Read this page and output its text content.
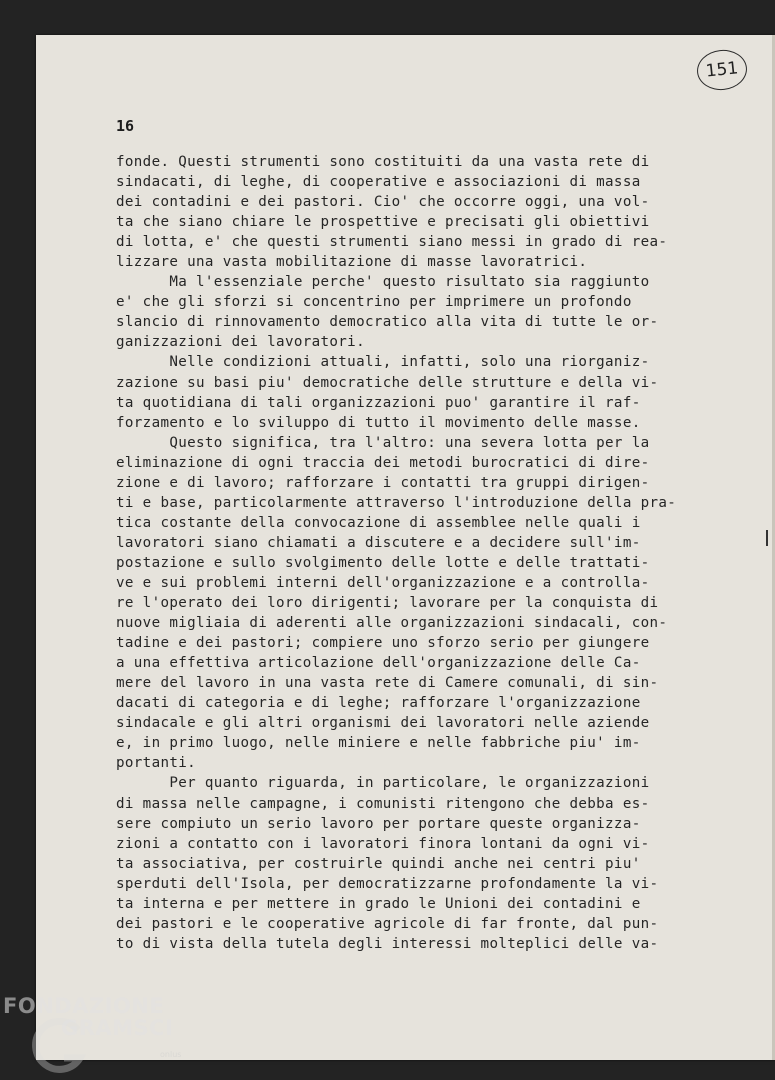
151
16
fonde. Questi strumenti sono costituiti da una vasta rete di
sindacati, di leghe, di cooperative e associazioni di massa
dei contadini e dei pastori. Cio' che occorre oggi, una vol-
ta che siano chiare le prospettive e precisati gli obiettivi
di lotta, e' che questi strumenti siano messi in grado di rea-
lizzare una vasta mobilitazione di masse lavoratrici.
Ma l'essenziale perche' questo risultato sia raggiunto
e' che gli sforzi si concentrino per imprimere un profondo
slancio di rinnovamento democratico alla vita di tutte le or-
ganizzazioni dei lavoratori.
Nelle condizioni attuali, infatti, solo una riorganiz-
zazione su basi piu' democratiche delle strutture e della vi-
ta quotidiana di tali organizzazioni puo' garantire il raf-
forzamento e lo sviluppo di tutto il movimento delle masse.
Questo significa, tra l'altro: una severa lotta per la
eliminazione di ogni traccia dei metodi burocratici di dire-
zione e di lavoro; rafforzare i contatti tra gruppi dirigen-
ti e base, particolarmente attraverso l'introduzione della pra-
tica costante della convocazione di assemblee nelle quali i
lavoratori siano chiamati a discutere e a decidere sull'im-
postazione e sullo svolgimento delle lotte e delle trattati-
ve e sui problemi interni dell'organizzazione e a controlla-
re l'operato dei loro dirigenti; lavorare per la conquista di
nuove migliaia di aderenti alle organizzazioni sindacali, con-
tadine e dei pastori; compiere uno sforzo serio per giungere
a una effettiva articolazione dell'organizzazione delle Ca-
mere del lavoro in una vasta rete di Camere comunali, di sin-
dacati di categoria e di leghe; rafforzare l'organizzazione
sindacale e gli altri organismi dei lavoratori nelle aziende
e, in primo luogo, nelle miniere e nelle fabbriche piu' im-
portanti.
Per quanto riguarda, in particolare, le organizzazioni
di massa nelle campagne, i comunisti ritengono che debba es-
sere compiuto un serio lavoro per portare queste organizza-
zioni a contatto con i lavoratori finora lontani da ogni vi-
ta associativa, per costruirle quindi anche nei centri piu'
sperduti dell'Isola, per democratizzarne profondamente la vi-
ta interna e per mettere in grado le Unioni dei contadini e
dei pastori e le cooperative agricole di far fronte, dal pun-
to di vista della tutela degli interessi molteplici delle va-
FONDAZIONE
GRAMSCI
onlus
